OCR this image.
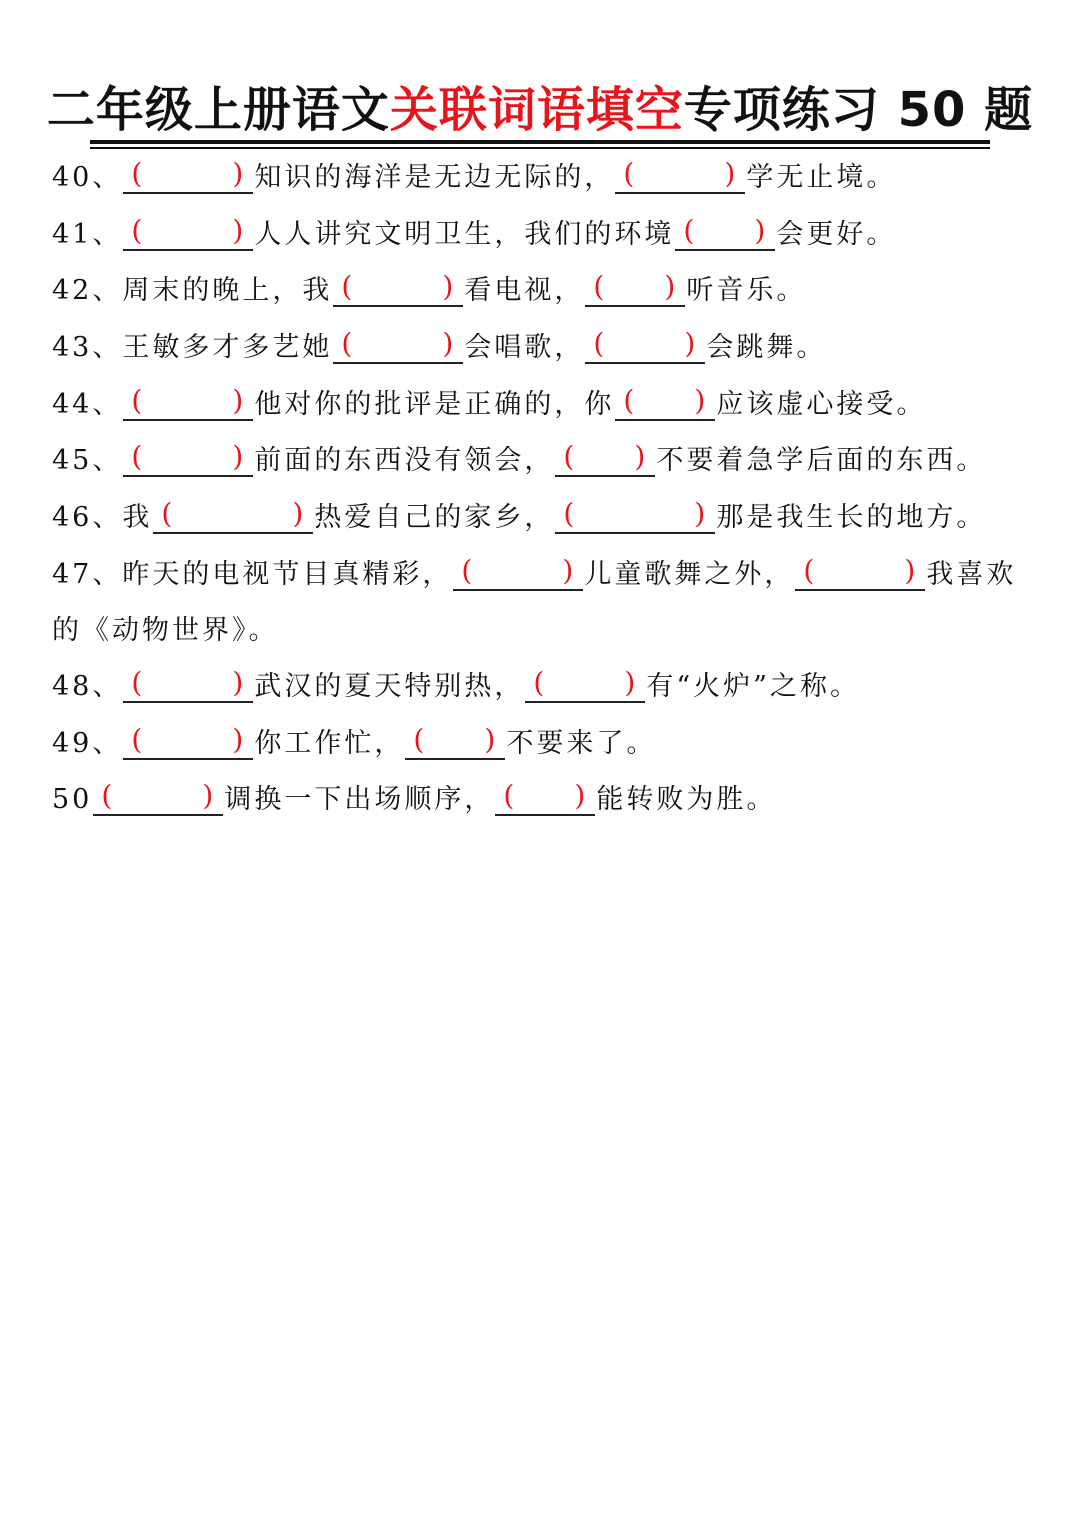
二年级上册语文关联词语填空专项练习 50 题
40、 (	) 知识的海洋是无边无际的， (	) 学无止境。
41、 (	) 人人讲究文明卫生，我们的环境 ( ) 会更好。
42、周末的晚上，我 (	) 看电视， ( ) 听音乐。
43、王敏多才多艺她 (	) 会唱歌， (	) 会跳舞。
44、 (	) 他对你的批评是正确的，你 ( ) 应该虚心接受。
45、 (	) 前面的东西没有领会， ( ) 不要着急学后面的东西。
46、我 (	) 热爱自己的家乡， (	) 那是我生长的地方。
47、昨天的电视节目真精彩， (	) 儿童歌舞之外， (	) 我喜欢的《动物世界》。
48、 (	) 武汉的夏天特别热， (	) 有“火炉”之称。
49、 (	) 你工作忙， ( ) 不要来了。
50 (	) 调换一下出场顺序， ( ) 能转败为胜。
